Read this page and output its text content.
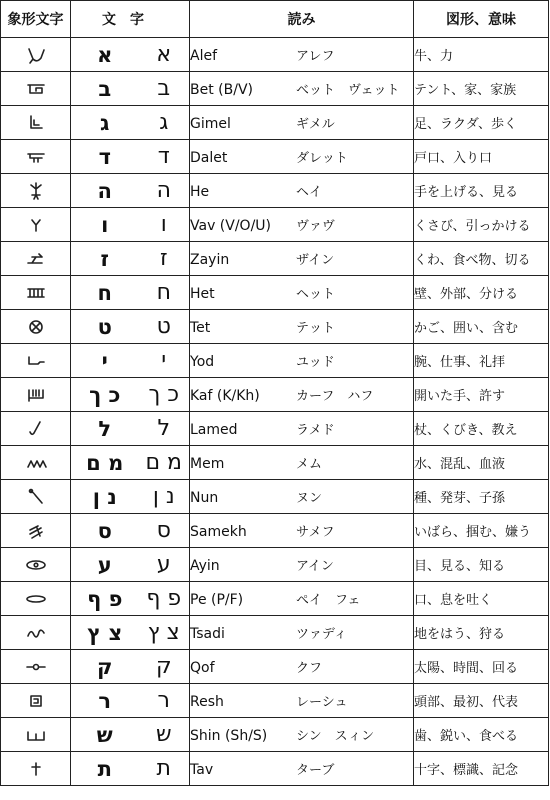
象形文字	文字		読み	図形、意味
	א	א	Alef アレフ	牛、力
	ב	ב	Bet (B/V) ベット　ヴェット	テント、家、家族
	ג	ג	Gimel ギメル	足、ラクダ、歩く
	ד	ד	Dalet ダレット	戸口、入り口
	ה	ה	He ヘイ	手を上げる、見る
	ו	ו	Vav (V/O/U) ヴァヴ	くさび、引っかける
	ז	ז	Zayin ザイン	くわ、食べ物、切る
	ח	ח	Het ヘット	壁、外部、分ける
	ט	ט	Tet テット	かご、囲い、含む
	י	י	Yod ユッド	腕、仕事、礼拝
	כ ך	כ ך	Kaf (K/Kh) カーフ　ハフ	開いた手、許す
	ל	ל	Lamed ラメド	杖、くびき、教え
	מ ם	מ ם	Mem メム	水、混乱、血液
	נ ן	נ ן	Nun ヌン	種、発芽、子孫
	ס	ס	Samekh サメフ	いばら、掴む、嫌う
	ע	ע	Ayin アイン	目、見る、知る
	פ ף	פ ף	Pe (P/F) ペイ　フェ	口、息を吐く
	צ ץ	צ ץ	Tsadi ツァディ	地をはう、狩る
	ק	ק	Qof クフ	太陽、時間、回る
	ר	ר	Resh レーシュ	頭部、最初、代表
	ש	ש	Shin (Sh/S) シン　スィン	歯、鋭い、食べる
	ת	ת	Tav ターブ	十字、標識、記念
